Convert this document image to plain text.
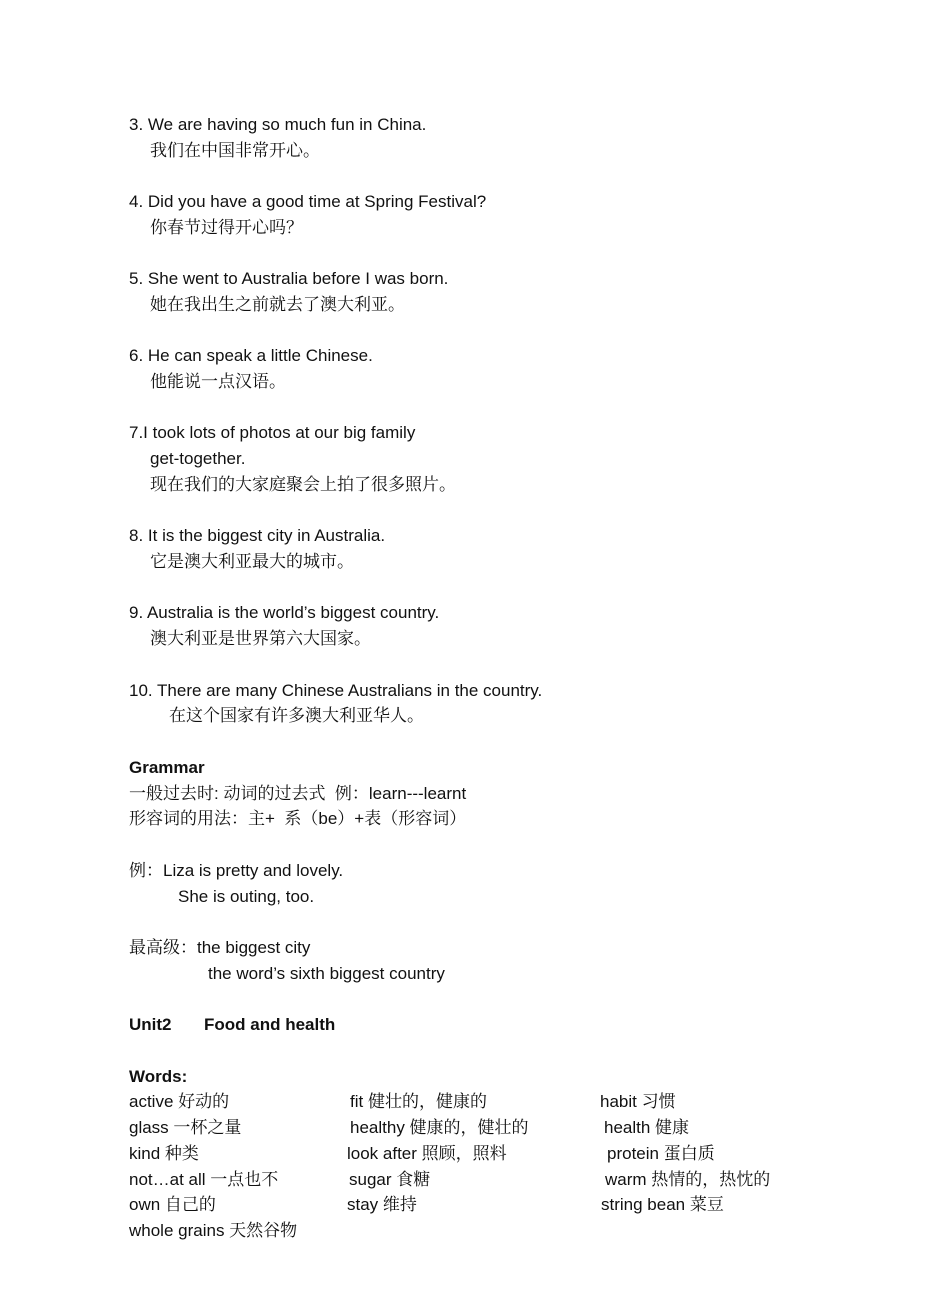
3. We are having so much fun in China.
我们在中国非常开心。
4. Did you have a good time at Spring Festival?
你春节过得开心吗？
5. She went to Australia before I was born.
她在我出生之前就去了澳大利亚。
6. He can speak a little Chinese.
他能说一点汉语。
7.I took lots of photos at our big family
get-together.
现在我们的大家庭聚会上拍了很多照片。
8. It is the biggest city in Australia.
它是澳大利亚最大的城市。
9. Australia is the world’s biggest country.
澳大利亚是世界第六大国家。
10. There are many Chinese Australians in the country.
在这个国家有许多澳大利亚华人。
Grammar
一般过去时: 动词的过去式  例：learn---learnt
形容词的用法：主+  系（be）+表（形容词）
例：Liza is pretty and lovely.
She is outing, too.
最高级：the biggest city
the word’s sixth biggest country
Unit2 Food and health
Words:
active 好动的	fit 健壮的，健康的	habit 习惯
glass 一杯之量	healthy 健康的，健壮的	health 健康
kind 种类	look after 照顾，照料	protein 蛋白质
not…at all 一点也不	sugar 食糖	warm 热情的，热忱的
own 自己的	stay 维持	string bean 菜豆
whole grains 天然谷物
